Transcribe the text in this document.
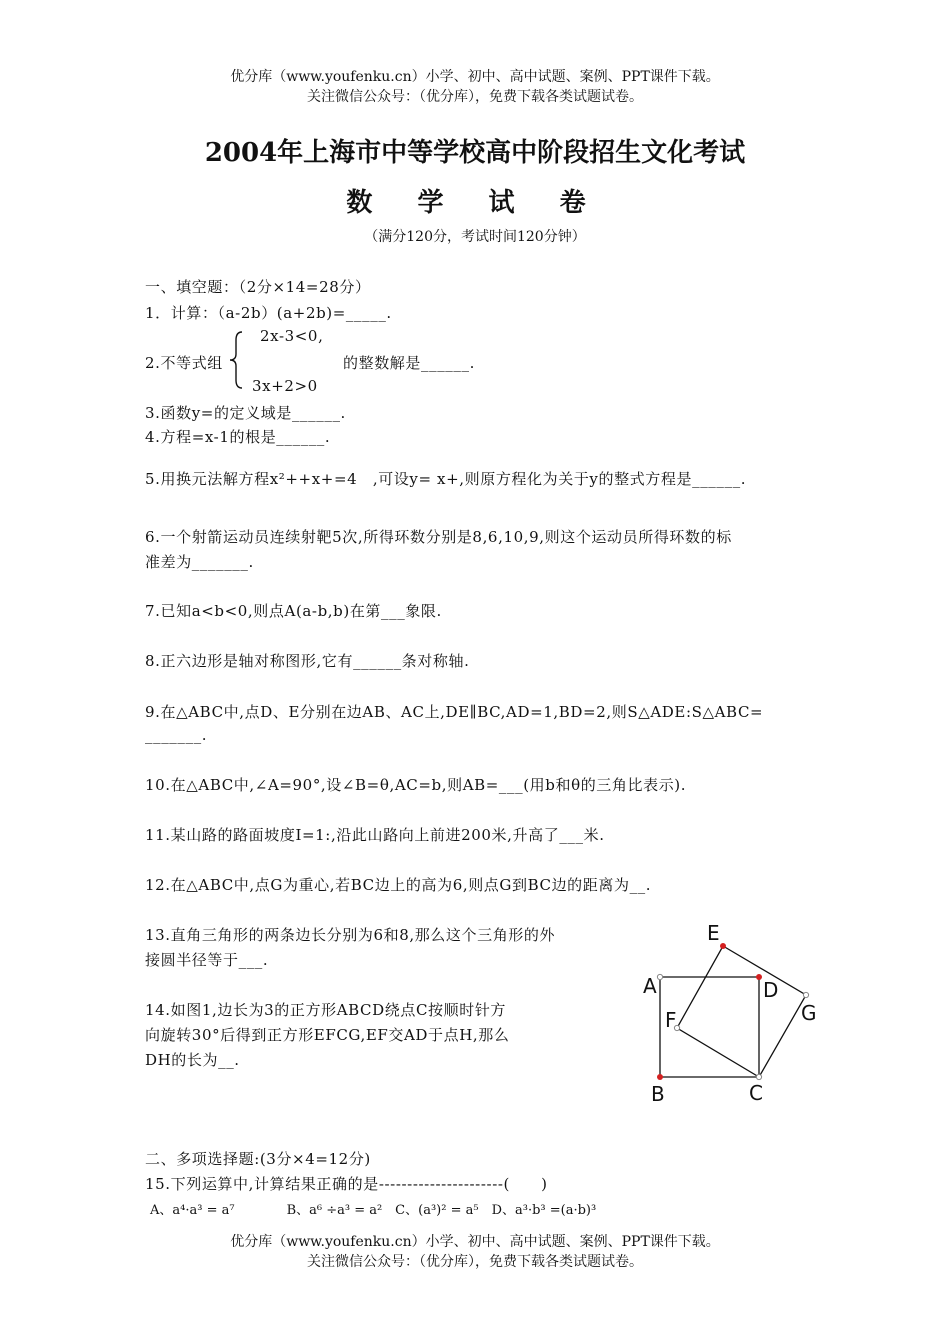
优分库（www.youfenku.cn）小学、初中、高中试题、案例、PPT课件下载。
关注微信公众号：（优分库），免费下载各类试题试卷。
2004年上海市中等学校高中阶段招生文化考试
数 学 试 卷
（满分120分，考试时间120分钟）
一、填空题：（2分×14=28分）
1．计算：（a-2b）(a+2b)=_____.
2.不等式组
2x-3<0,
3x+2>0
的整数解是______.
3.函数y=的定义域是______.
4.方程=x-1的根是______.
5.用换元法解方程x²++x+=4　,可设y= x+,则原方程化为关于y的整式方程是______.
6.一个射箭运动员连续射靶5次,所得环数分别是8,6,10,9,则这个运动员所得环数的标
准差为_______.
7.已知a<b<0,则点A(a-b,b)在第___象限.
8.正六边形是轴对称图形,它有______条对称轴.
9.在△ABC中,点D、E分别在边AB、AC上,DE∥BC,AD=1,BD=2,则S△ADE:S△ABC=
_______.
10.在△ABC中,∠A=90°,设∠B=θ,AC=b,则AB=___(用b和θ的三角比表示).
11.某山路的路面坡度I=1:,沿此山路向上前进200米,升高了___米.
12.在△ABC中,点G为重心,若BC边上的高为6,则点G到BC边的距离为__.
13.直角三角形的两条边长分别为6和8,那么这个三角形的外
接圆半径等于___.
14.如图1,边长为3的正方形ABCD绕点C按顺时针方
向旋转30°后得到正方形EFCG,EF交AD于点H,那么
DH的长为__.
E
A	D
F	G
B	C
二、多项选择题:(3分×4=12分)
15.下列运算中,计算结果正确的是----------------------(　　)
A、a⁴·a³ = a⁷　　　　B、a⁶ ÷a³ = a²　C、(a³)² = a⁵　D、a³·b³ =(a·b)³
优分库（www.youfenku.cn）小学、初中、高中试题、案例、PPT课件下载。
关注微信公众号：（优分库），免费下载各类试题试卷。
